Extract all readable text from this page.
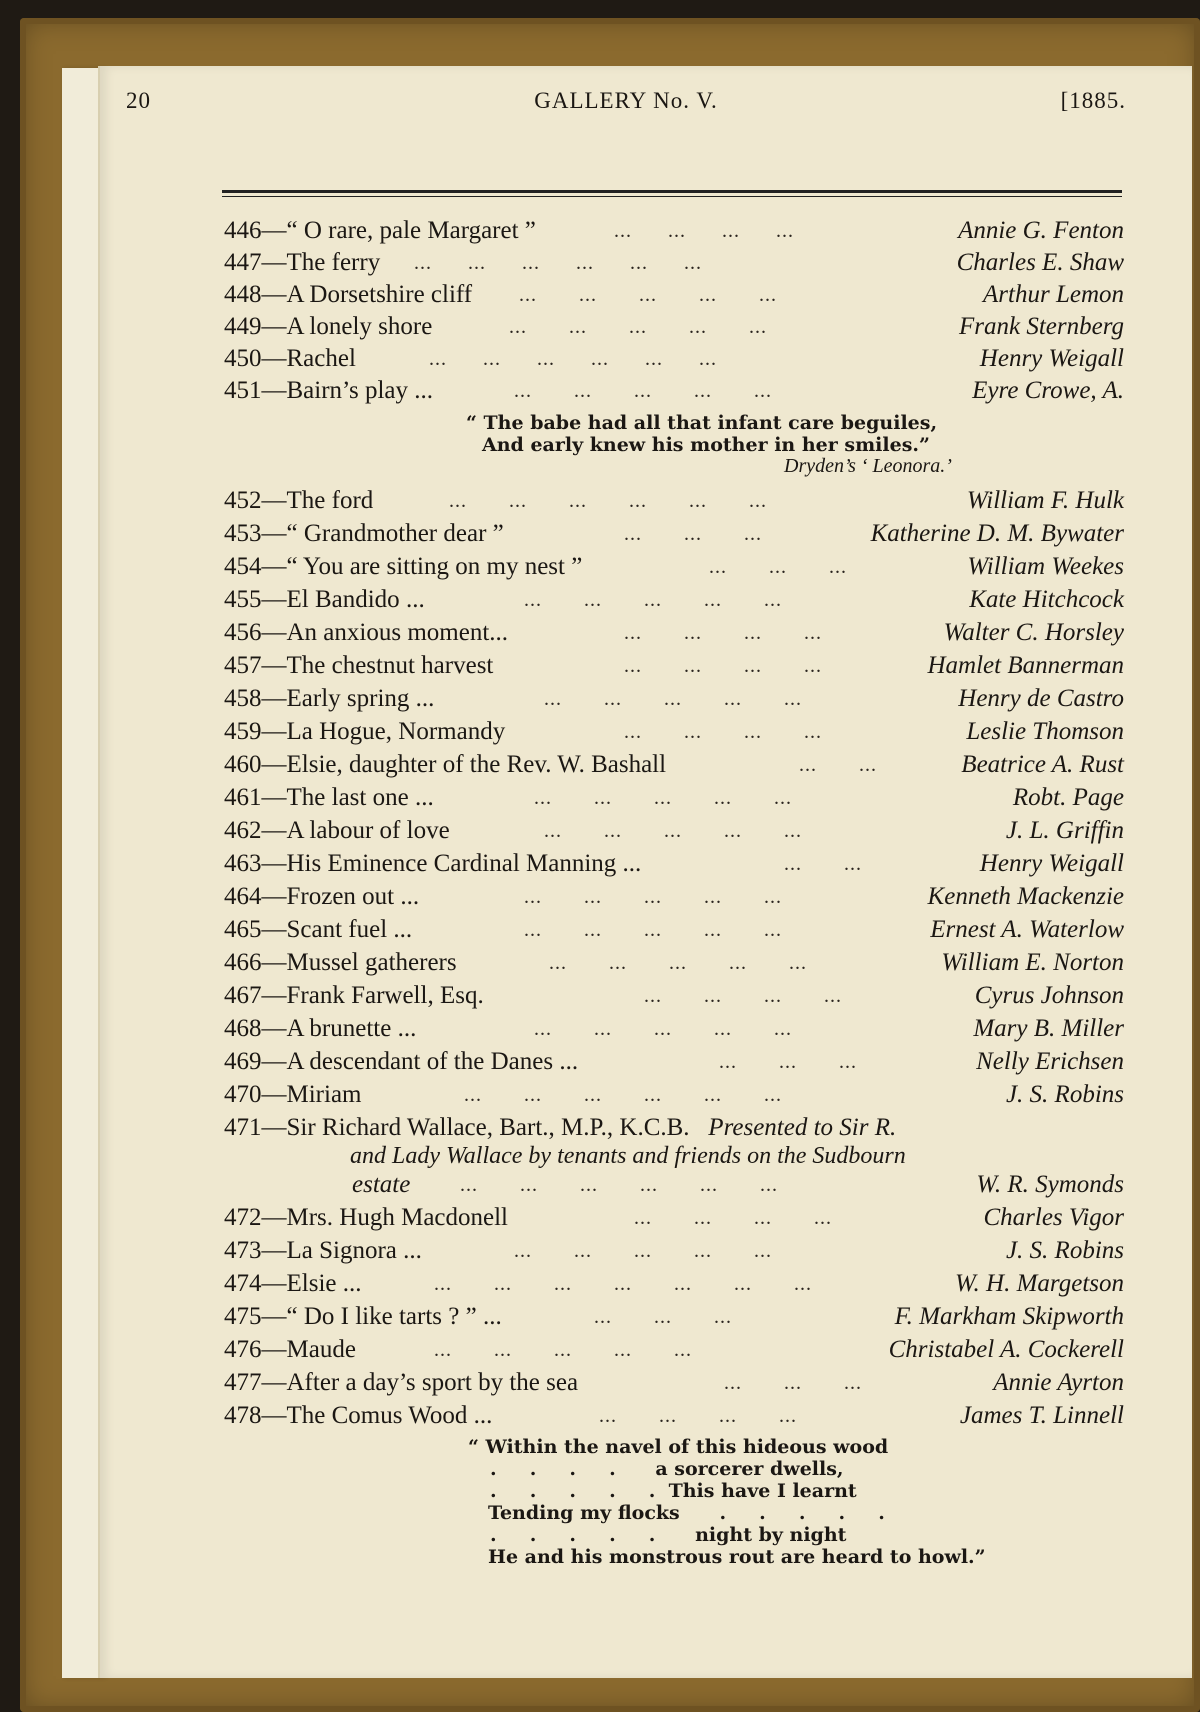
20	GALLERY No. V.	[1885.
446—“ O rare, pale Margaret ”	...      ...      ...      ...	Annie G. Fenton
447—The ferry ...      ...      ...      ...      ...      ...	Charles E. Shaw
448—A Dorsetshire cliff ...       ...       ...       ...       ...	Arthur Lemon
449—A lonely shore	...       ...       ...       ...       ...	Frank Sternberg
450—Rachel	...      ...      ...      ...      ...      ...	Henry Weigall
451—Bairn’s play ...	...       ...       ...       ...       ...	Eyre Crowe, A.
“ The babe had all that infant care beguiles,
And early knew his mother in her smiles.”
Dryden’s ‘ Leonora.’
452—The ford	...       ...       ...       ...       ...       ...	William F. Hulk
453—“ Grandmother dear ”	...       ...       ...	Katherine D. M. Bywater
454—“ You are sitting on my nest ”	...       ...       ...	William Weekes
455—El Bandido ...	...       ...       ...       ...       ...	Kate Hitchcock
456—An anxious moment...	...       ...       ...       ...	Walter C. Horsley
457—The chestnut harvest	...       ...       ...       ...	Hamlet Bannerman
458—Early spring ...	...       ...       ...       ...       ...	Henry de Castro
459—La Hogue, Normandy	...       ...       ...       ...	Leslie Thomson
460—Elsie, daughter of the Rev. W. Bashall	...       ...	Beatrice A. Rust
461—The last one ...	...       ...       ...       ...       ...	Robt. Page
462—A labour of love	...       ...       ...       ...       ...	J. L. Griffin
463—His Eminence Cardinal Manning ...	...       ...	Henry Weigall
464—Frozen out ...	...       ...       ...       ...       ...	Kenneth Mackenzie
465—Scant fuel ...	...       ...       ...       ...       ...	Ernest A. Waterlow
466—Mussel gatherers	...       ...       ...       ...       ...	William E. Norton
467—Frank Farwell, Esq.	...       ...       ...       ...	Cyrus Johnson
468—A brunette ...	...       ...       ...       ...       ...	Mary B. Miller
469—A descendant of the Danes ...	...       ...       ...	Nelly Erichsen
470—Miriam	...       ...       ...       ...       ...       ...	J. S. Robins
471—Sir Richard Wallace, Bart., M.P., K.C.B. Presented to Sir R.
and Lady Wallace by tenants and friends on the Sudbourn
estate ...       ...       ...       ...       ...       ...	W. R. Symonds
472—Mrs. Hugh Macdonell	...       ...       ...       ...	Charles Vigor
473—La Signora ...	...       ...       ...       ...       ...	J. S. Robins
474—Elsie ...	...       ...       ...       ...       ...       ...       ...	W. H. Margetson
475—“ Do I like tarts ? ” ...	...       ...       ...	F. Markham Skipworth
476—Maude	...       ...       ...       ...       ...	Christabel A. Cockerell
477—After a day’s sport by the sea	...       ...       ...	Annie Ayrton
478—The Comus Wood ...	...       ...       ...       ...	James T. Linnell
“ Within the navel of this hideous wood
.     .     .     .      a sorcerer dwells,
.     .     .     .     .  This have I learnt
Tending my flocks      .     .     .     .     .
.     .     .     .     .      night by night
He and his monstrous rout are heard to howl.”
